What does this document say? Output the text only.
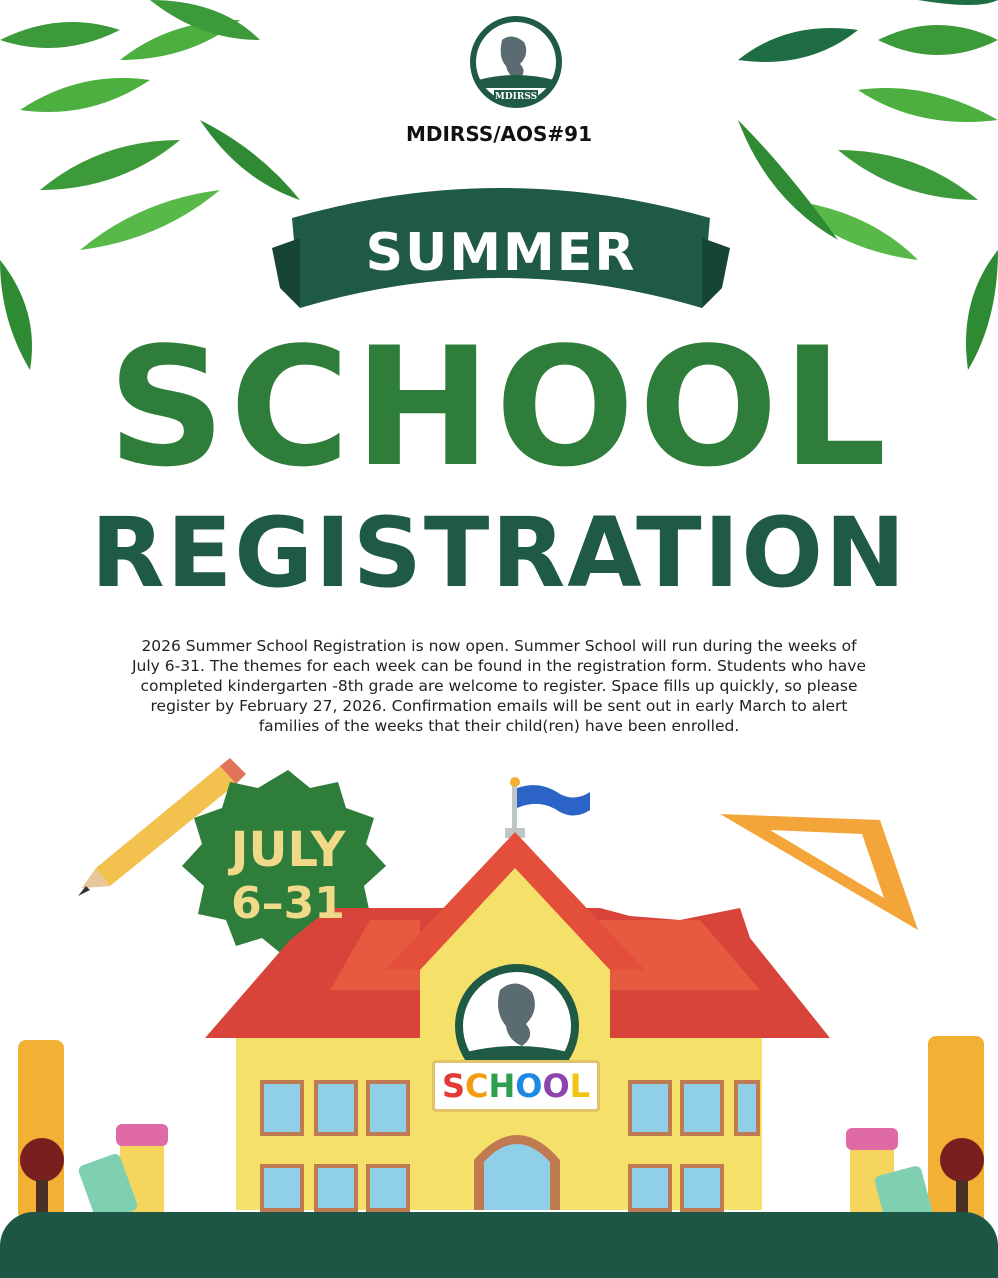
MDIRSS
MDIRSS/AOS#91
SUMMER
SCHOOL
REGISTRATION
2026 Summer School Registration is now open. Summer School will run during the weeks of July 6-31. The themes for each week can be found in the registration form. Students who have completed kindergarten -8th grade are welcome to register. Space fills up quickly, so please register by February 27, 2026. Confirmation emails will be sent out in early March to alert families of the weeks that their child(ren) have been enrolled.
JULY
6–31
SCHOOL
